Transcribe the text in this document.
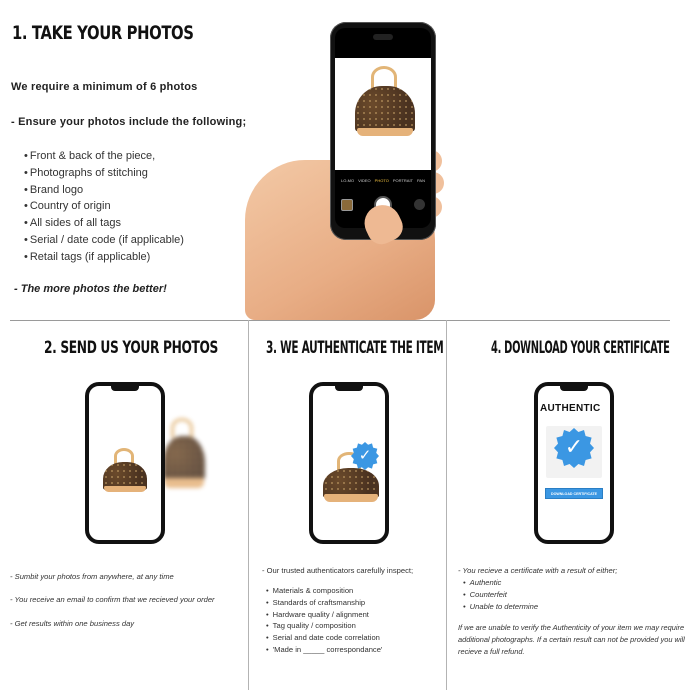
1. TAKE YOUR PHOTOS
We require a minimum of 6 photos
- Ensure your photos include the following;
• Front & back of the piece,
• Photographs of stitching
• Brand logo
• Country of origin
• All sides of all tags
• Serial / date code (if applicable)
• Retail tags (if applicable)
- The more photos the better!
LO-MO VIDEO PHOTO PORTRAIT PAN
2. SEND US YOUR PHOTOS
- Sumbit your photos from anywhere, at any time
- You receive an email to confirm that we recieved your order
- Get results within one business day
3. WE AUTHENTICATE THE ITEM
✓
- Our trusted authenticators carefully inspect;
• Materials & composition
• Standards of craftsmanship
• Hardware quality / alignment
• Tag quality / composition
• Serial and date code correlation
• 'Made in _____ correspondance'
4. DOWNLOAD YOUR CERTIFICATE
✓
AUTHENTIC
DOWNLOAD CERTIFICATE
- You recieve a certificate with a result of either;
• Authentic
• Counterfeit
• Unable to determine
If we are unable to verify the Authenticity of your item we may require additional photographs. If a certain result can not be provided you will recieve a full refund.
